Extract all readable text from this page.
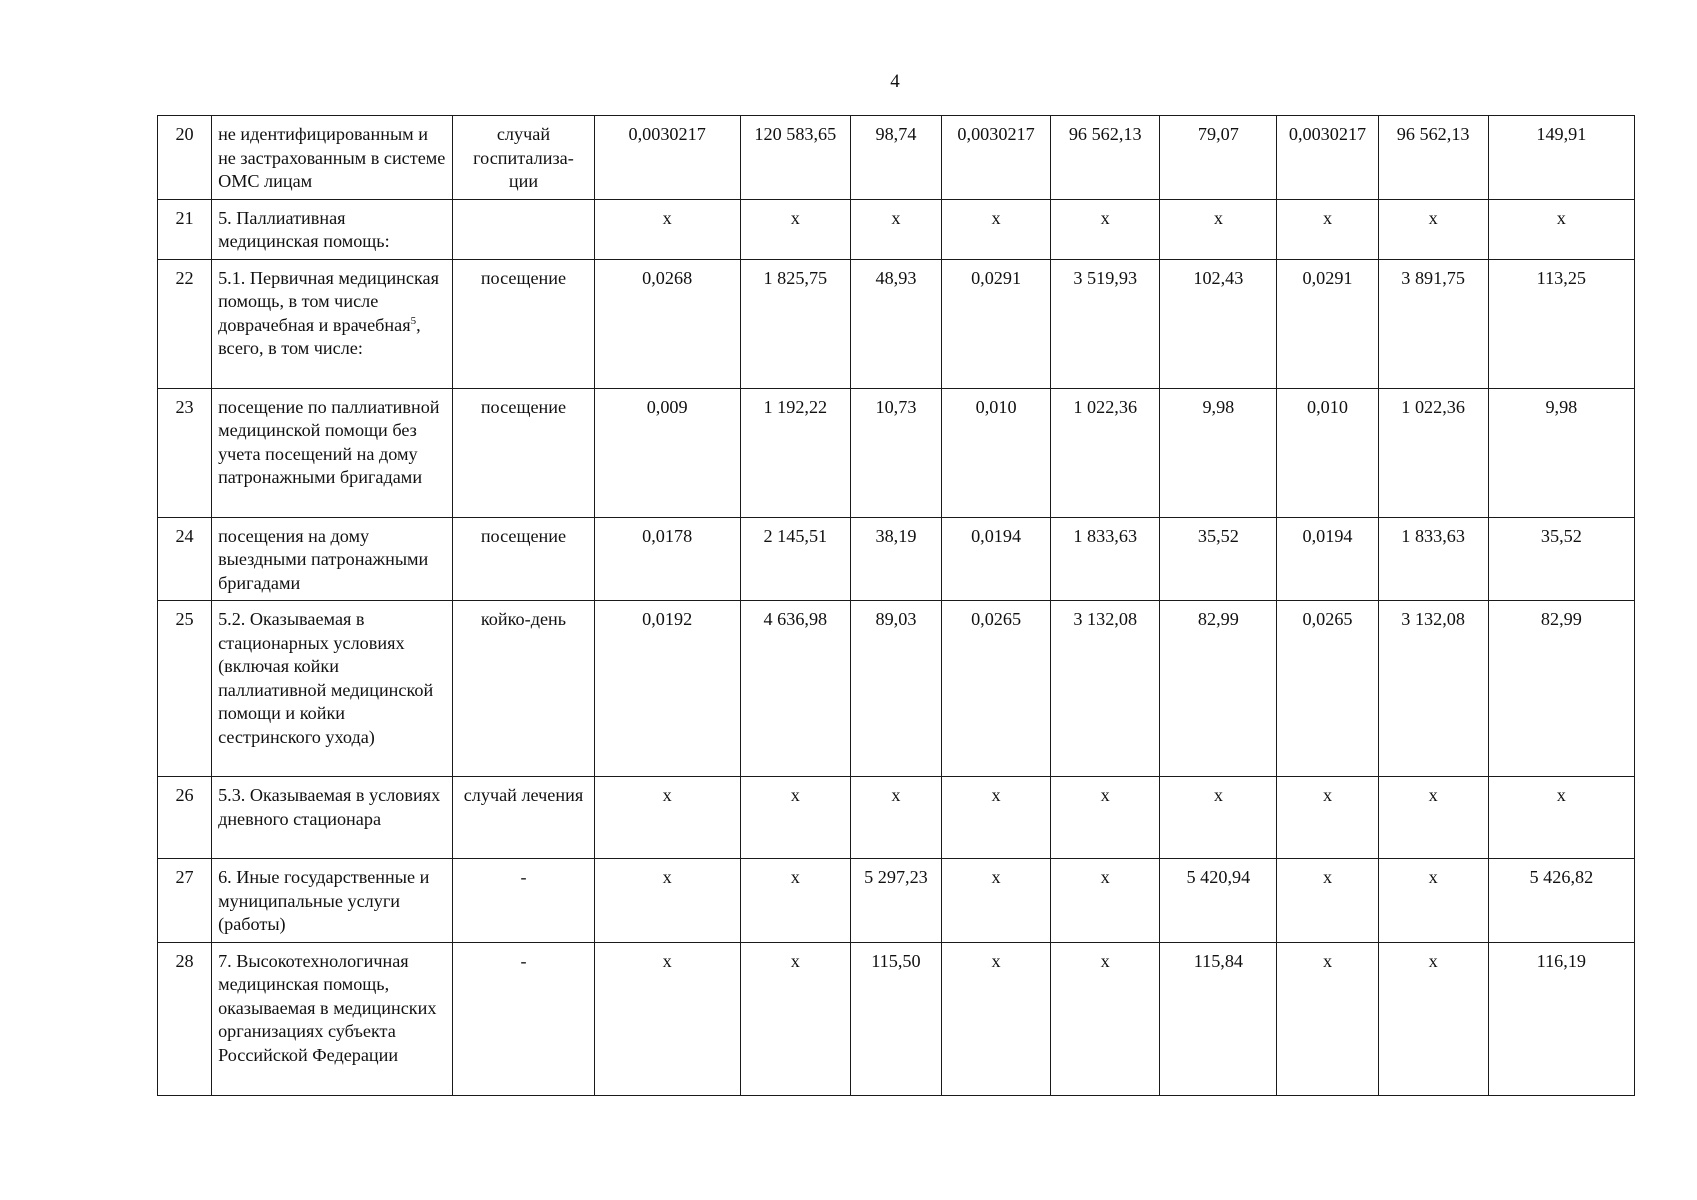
4
20	не идентифицированным и не застрахованным в системе ОМС лицам	случай госпитализа-ции	0,0030217	120 583,65	98,74	0,0030217	96 562,13	79,07	0,0030217	96 562,13	149,91
21	5. Паллиативная медицинская помощь:		x	x	x	x	x	x	x	x	x
22	5.1. Первичная медицинская помощь, в том числе доврачебная и врачебная$^5$, всего, в том числе:	посещение	0,0268	1 825,75	48,93	0,0291	3 519,93	102,43	0,0291	3 891,75	113,25
23	посещение по паллиативной медицинской помощи без учета посещений на дому патронажными бригадами	посещение	0,009	1 192,22	10,73	0,010	1 022,36	9,98	0,010	1 022,36	9,98
24	посещения на дому выездными патронажными бригадами	посещение	0,0178	2 145,51	38,19	0,0194	1 833,63	35,52	0,0194	1 833,63	35,52
25	5.2. Оказываемая в стационарных условиях (включая койки паллиативной медицинской помощи и койки сестринского ухода)	койко-день	0,0192	4 636,98	89,03	0,0265	3 132,08	82,99	0,0265	3 132,08	82,99
26	5.3. Оказываемая в условиях дневного стационара	случай лечения	x	x	x	x	x	x	x	x	x
27	6. Иные государственные и муниципальные услуги (работы)	-	x	x	5 297,23	x	x	5 420,94	x	x	5 426,82
28	7. Высокотехнологичная медицинская помощь, оказываемая в медицинских организациях субъекта Российской Федерации	-	x	x	115,50	x	x	115,84	x	x	116,19
